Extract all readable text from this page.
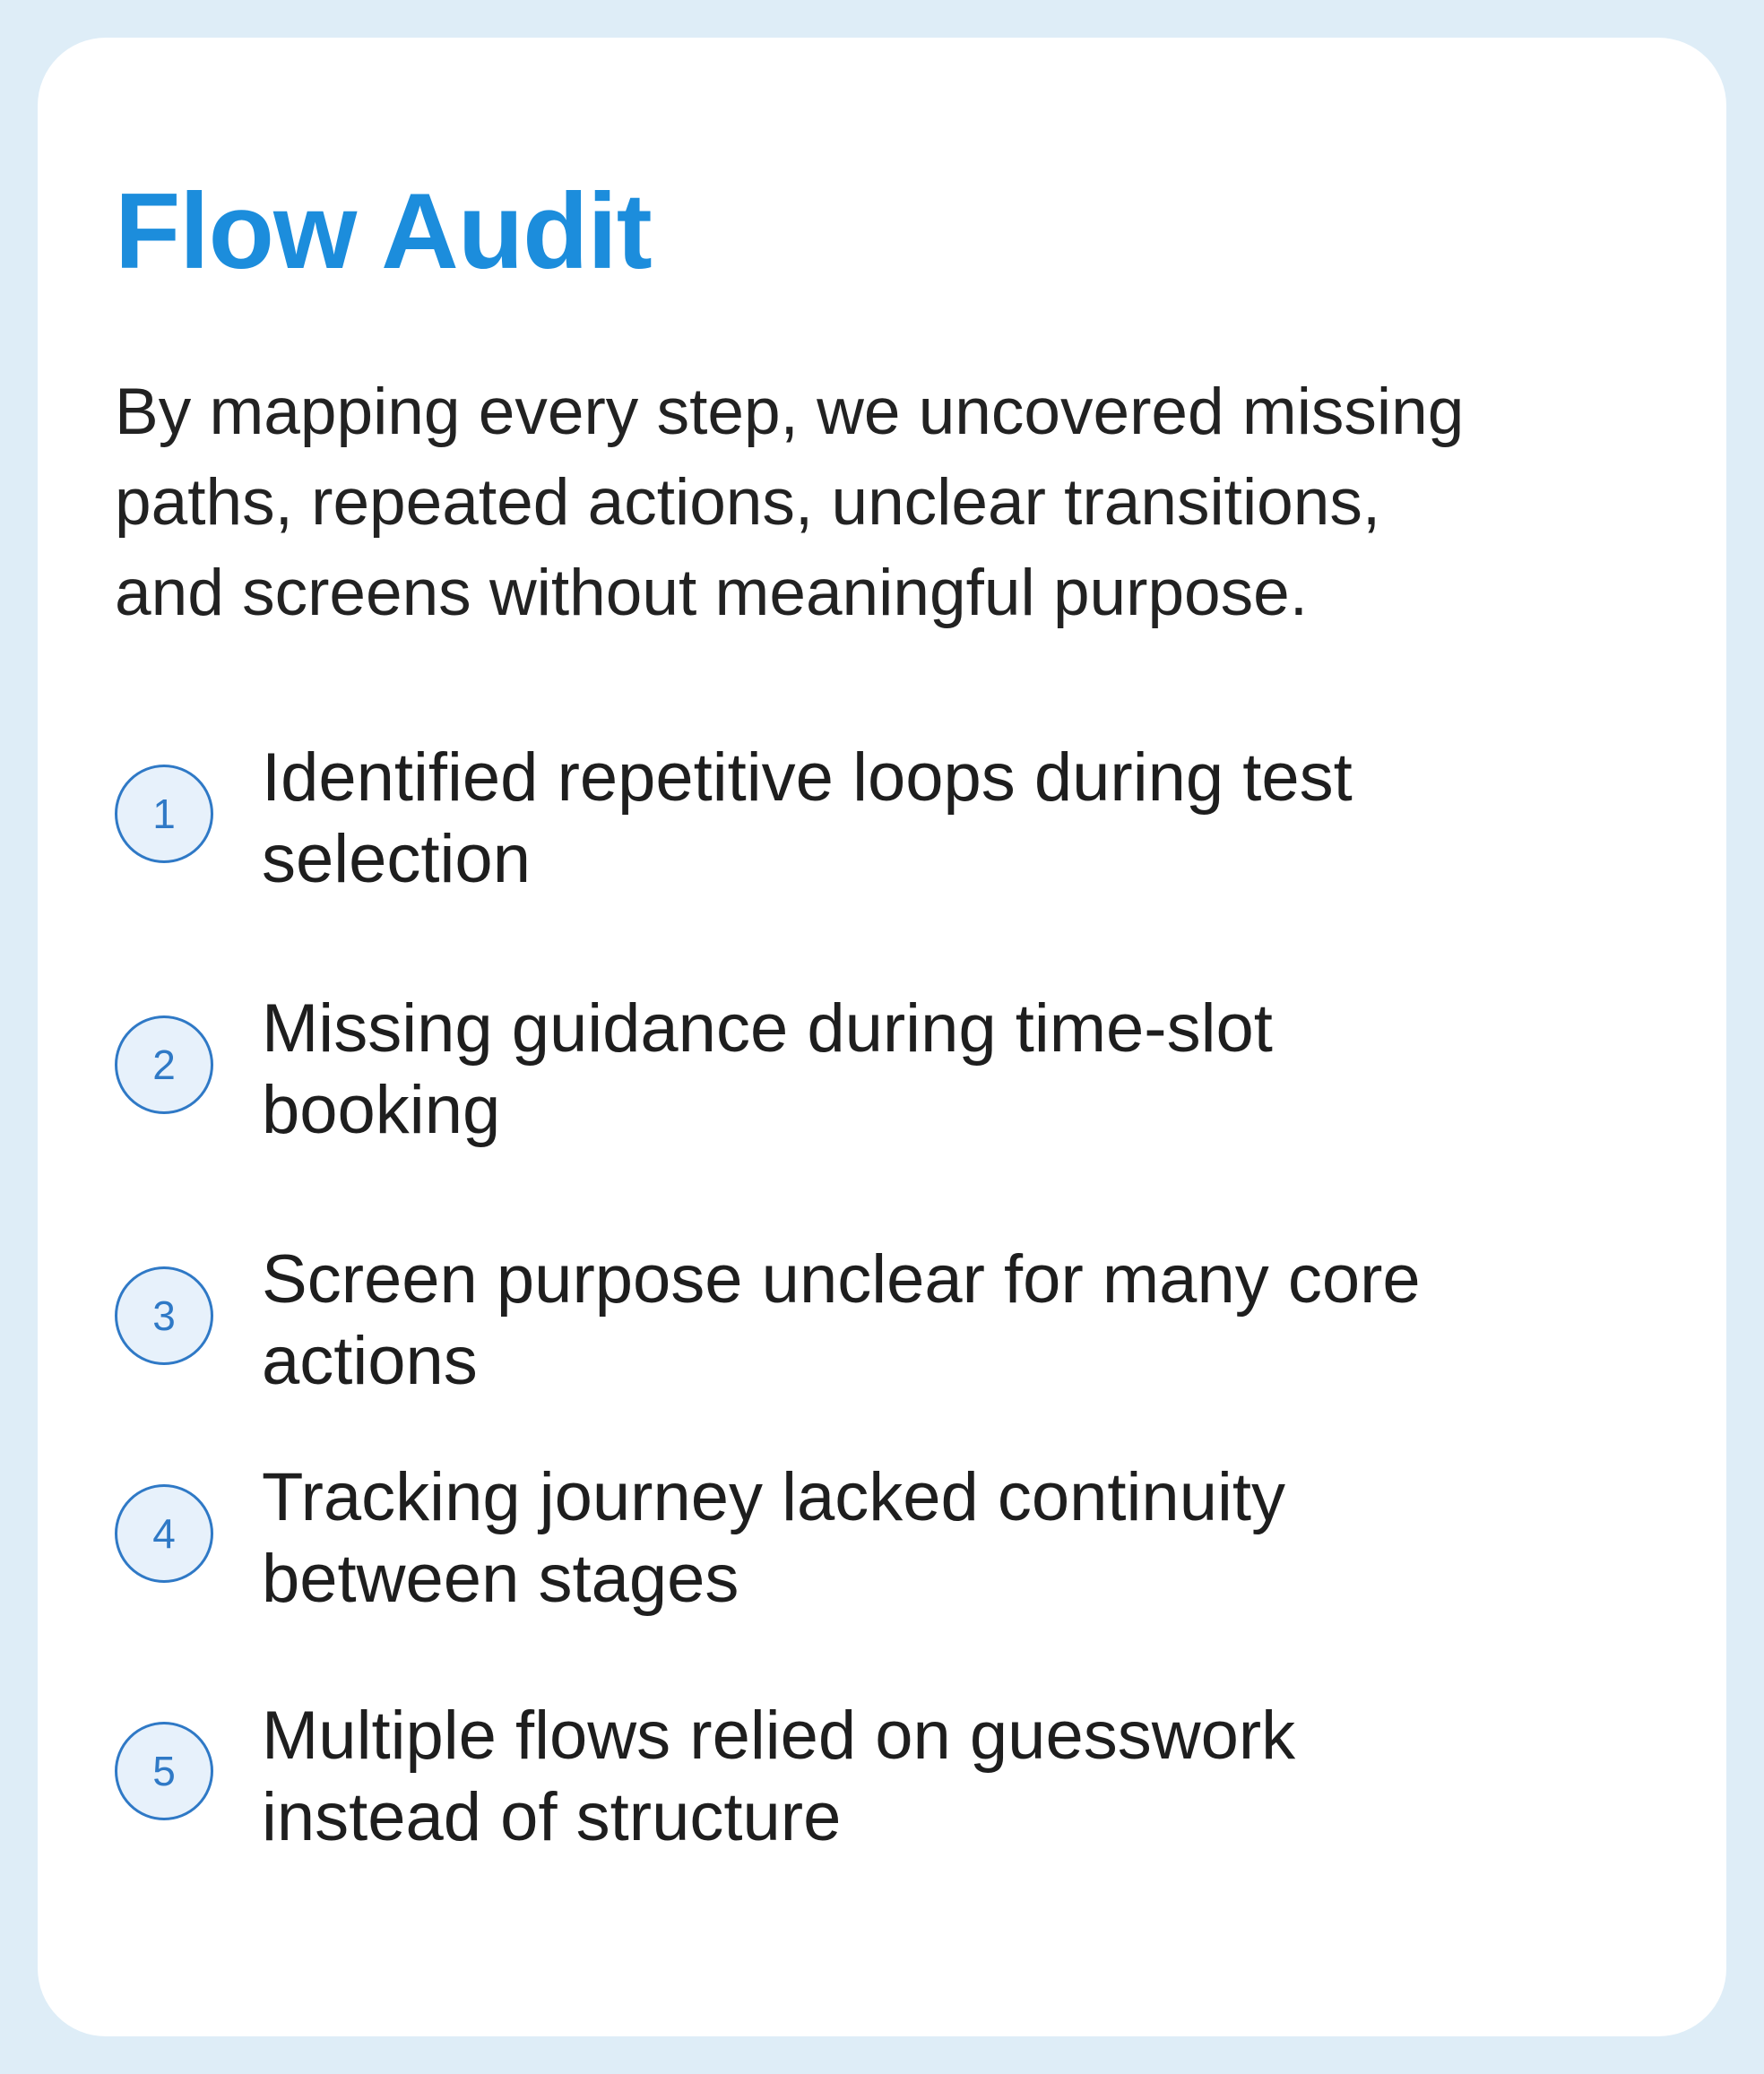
Flow Audit

By mapping every step, we uncovered missing
paths, repeated actions, unclear transitions,
and screens without meaningful purpose.

1	Identified repetitive loops during test
selection

2	Missing guidance during time-slot
booking

3	Screen purpose unclear for many core
actions

4	Tracking journey lacked continuity
between stages

5	Multiple flows relied on guesswork
instead of structure
